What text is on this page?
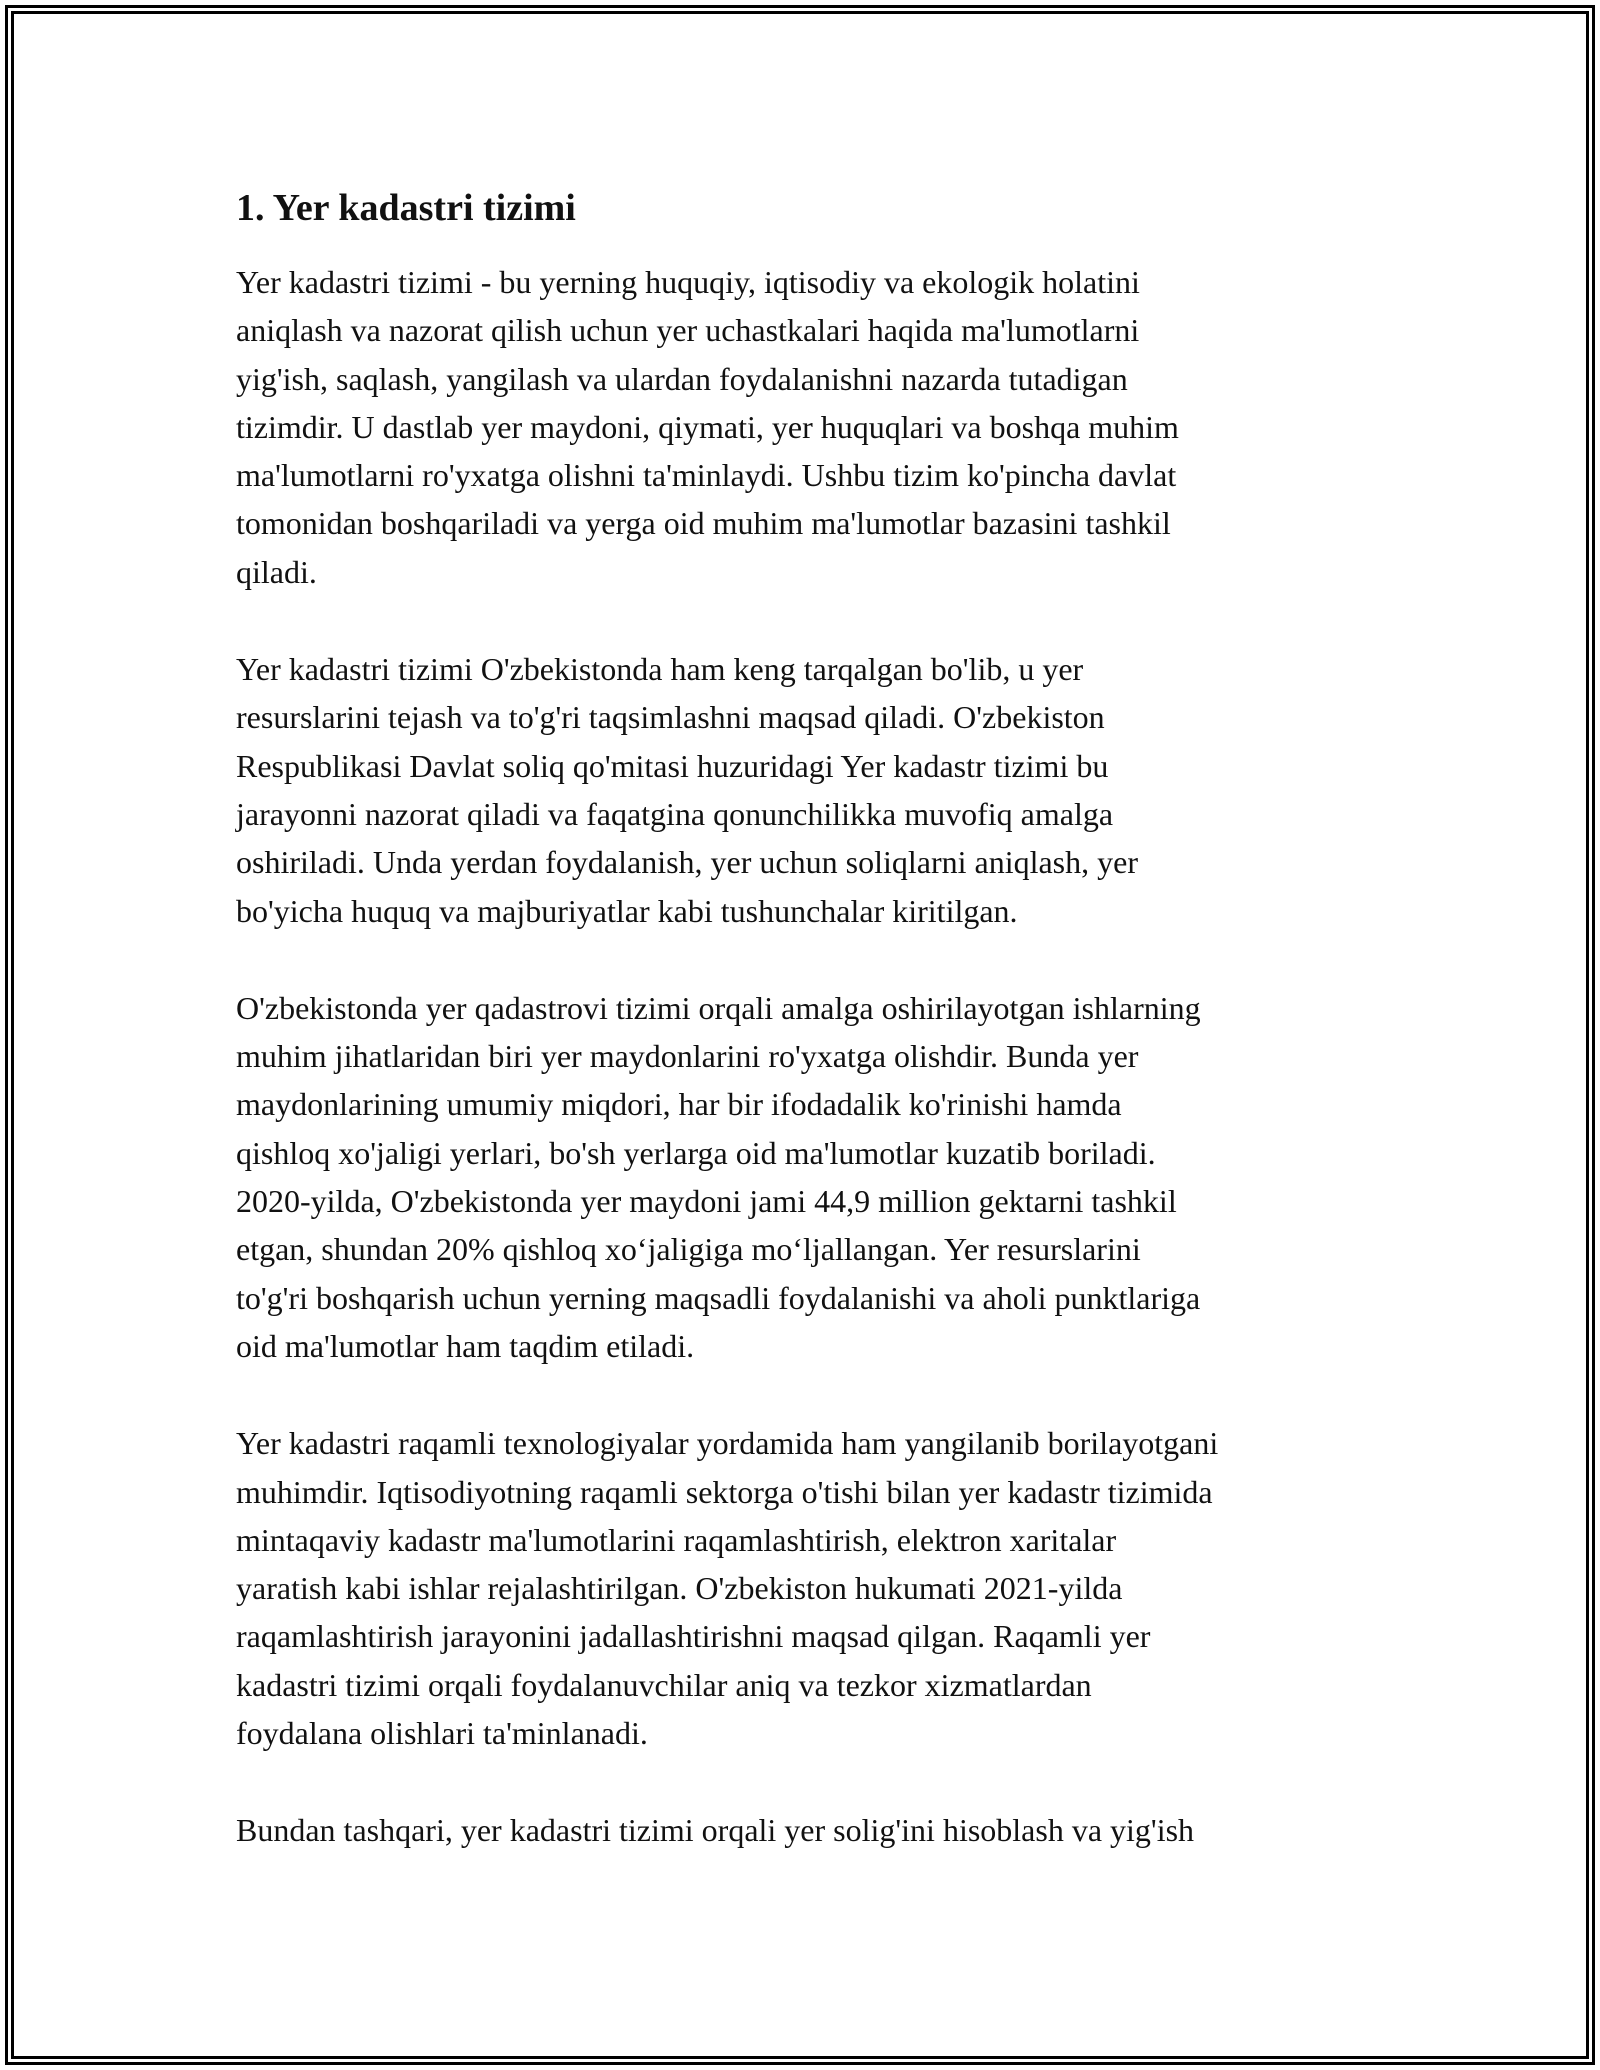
1. Yer kadastri tizimi
Yer kadastri tizimi - bu yerning huquqiy, iqtisodiy va ekologik holatini
aniqlash va nazorat qilish uchun yer uchastkalari haqida ma'lumotlarni
yig'ish, saqlash, yangilash va ulardan foydalanishni nazarda tutadigan
tizimdir. U dastlab yer maydoni, qiymati, yer huquqlari va boshqa muhim
ma'lumotlarni ro'yxatga olishni ta'minlaydi. Ushbu tizim ko'pincha davlat
tomonidan boshqariladi va yerga oid muhim ma'lumotlar bazasini tashkil
qiladi.
Yer kadastri tizimi O'zbekistonda ham keng tarqalgan bo'lib, u yer
resurslarini tejash va to'g'ri taqsimlashni maqsad qiladi. O'zbekiston
Respublikasi Davlat soliq qo'mitasi huzuridagi Yer kadastr tizimi bu
jarayonni nazorat qiladi va faqatgina qonunchilikka muvofiq amalga
oshiriladi. Unda yerdan foydalanish, yer uchun soliqlarni aniqlash, yer
bo'yicha huquq va majburiyatlar kabi tushunchalar kiritilgan.
O'zbekistonda yer qadastrovi tizimi orqali amalga oshirilayotgan ishlarning
muhim jihatlaridan biri yer maydonlarini ro'yxatga olishdir. Bunda yer
maydonlarining umumiy miqdori, har bir ifodadalik ko'rinishi hamda
qishloq xo'jaligi yerlari, bo'sh yerlarga oid ma'lumotlar kuzatib boriladi.
2020-yilda, O'zbekistonda yer maydoni jami 44,9 million gektarni tashkil
etgan, shundan 20% qishloq xoʻjaligiga moʻljallangan. Yer resurslarini
to'g'ri boshqarish uchun yerning maqsadli foydalanishi va aholi punktlariga
oid ma'lumotlar ham taqdim etiladi.
Yer kadastri raqamli texnologiyalar yordamida ham yangilanib borilayotgani
muhimdir. Iqtisodiyotning raqamli sektorga o'tishi bilan yer kadastr tizimida
mintaqaviy kadastr ma'lumotlarini raqamlashtirish, elektron xaritalar
yaratish kabi ishlar rejalashtirilgan. O'zbekiston hukumati 2021-yilda
raqamlashtirish jarayonini jadallashtirishni maqsad qilgan. Raqamli yer
kadastri tizimi orqali foydalanuvchilar aniq va tezkor xizmatlardan
foydalana olishlari ta'minlanadi.
Bundan tashqari, yer kadastri tizimi orqali yer solig'ini hisoblash va yig'ish
